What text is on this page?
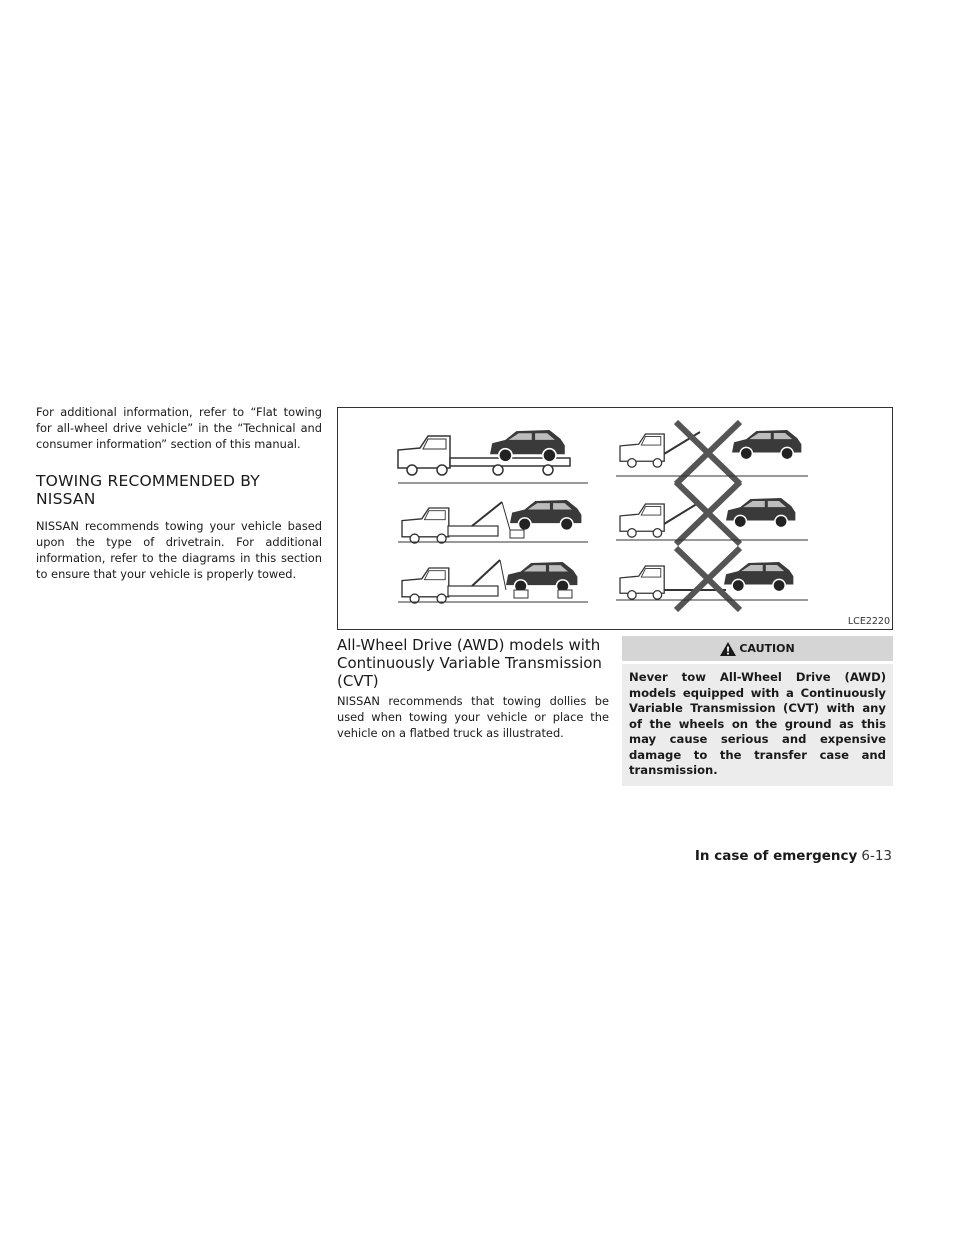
For additional information, refer to “Flat towing for all-wheel drive vehicle” in the “Technical and consumer information” section of this manual.

TOWING RECOMMENDED BY NISSAN

NISSAN recommends towing your vehicle based upon the type of drivetrain. For additional information, refer to the diagrams in this section to ensure that your vehicle is properly towed.

LCE2220
All-Wheel Drive (AWD) models with Continuously Variable Transmission (CVT)

NISSAN recommends that towing dollies be used when towing your vehicle or place the vehicle on a flatbed truck as illustrated.

CAUTION
Never tow All-Wheel Drive (AWD) models equipped with a Continuously Variable Transmission (CVT) with any of the wheels on the ground as this may cause serious and expensive damage to the transfer case and transmission.
In case of emergency 6-13
